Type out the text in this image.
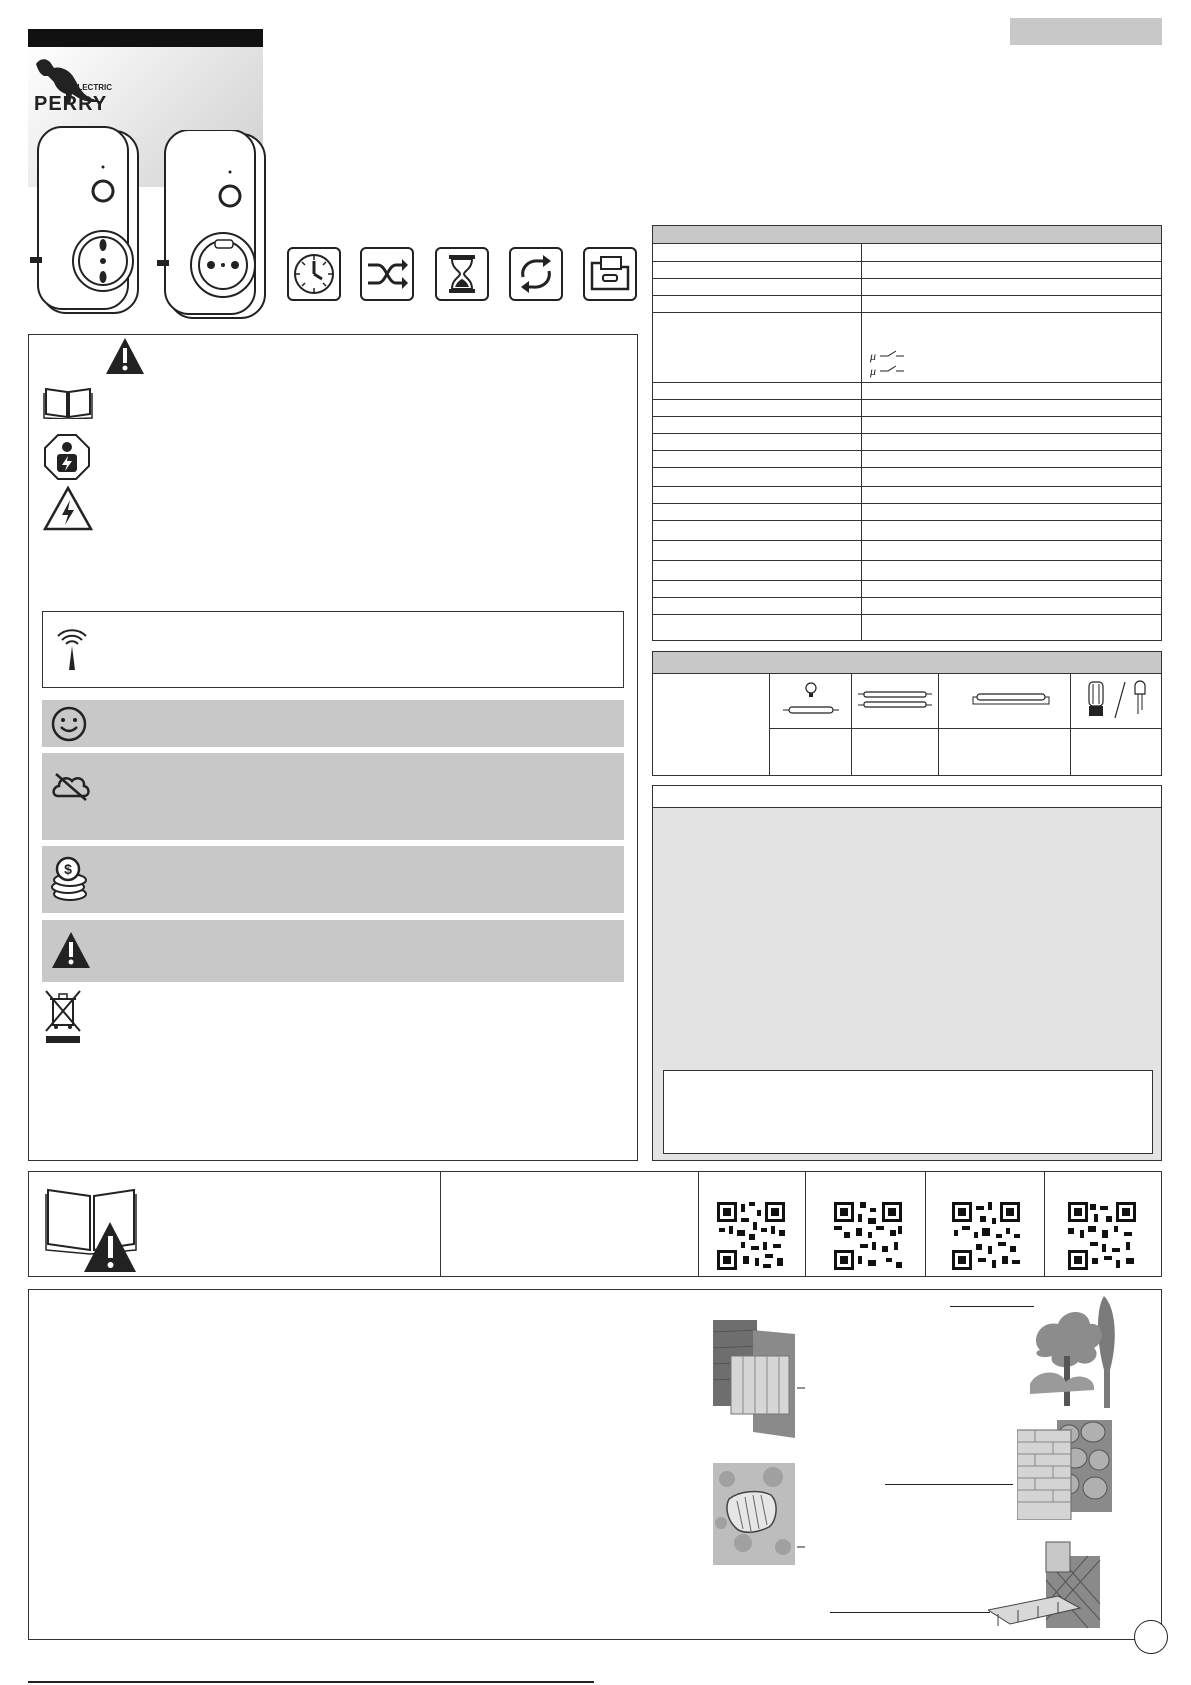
ELECTRIC
PERRY
$
μ
μ
